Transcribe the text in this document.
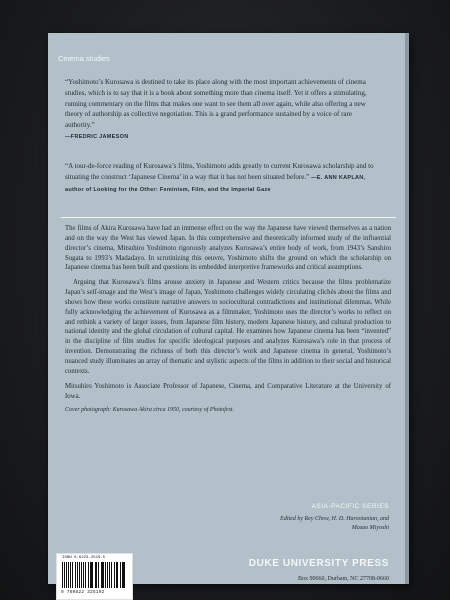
Cinema studies
“Yoshimoto’s Kurosawa is destined to take its place along with the most important achievements of cinema studies, which is to say that it is a book about something more than cinema itself. Yet it offers a stimulating, running commentary on the films that makes one want to see them all over again, while also offering a new theory of authorship as collective negotiation. This is a grand performance sustained by a voice of rare authority.”
—FREDRIC JAMESON
“A tour-de-force reading of Kurosawa’s films, Yoshimoto adds greatly to current Kurosawa scholarship and to situating the construct ‘Japanese Cinema’ in a way that it has not been situated before.” —E. ANN KAPLAN, author of Looking for the Other: Feminism, Film, and the Imperial Gaze

The films of Akira Kurosawa have had an immense effect on the way the Japanese have viewed themselves as a nation and on the way the West has viewed Japan. In this comprehensive and theoretically informed study of the influential director’s cinema, Mitsuhiro Yoshimoto rigorously analyzes Kurosawa’s entire body of work, from 1943’s Sanshiro Sugata to 1993’s Madadayo. In scrutinizing this oeuvre, Yoshimoto shifts the ground on which the scholarship on Japanese cinema has been built and questions its embedded interpretive frameworks and critical assumptions.

Arguing that Kurosawa’s films arouse anxiety in Japanese and Western critics because the films problematize Japan’s self-image and the West’s image of Japan, Yoshimoto challenges widely circulating clichés about the films and shows how these works constitute narrative answers to sociocultural contradictions and institutional dilemmas. While fully acknowledging the achievement of Kurosawa as a filmmaker, Yoshimoto uses the director’s works to reflect on and rethink a variety of larger issues, from Japanese film history, modern Japanese history, and cultural production to national identity and the global circulation of cultural capital. He examines how Japanese cinema has been “invented” in the discipline of film studies for specific ideological purposes and analyzes Kurosawa’s role in that process of invention. Demonstrating the richness of both this director’s work and Japanese cinema in general, Yoshimoto’s nuanced study illuminates an array of thematic and stylistic aspects of the films in addition to their social and historical contexts.

Mitsuhiro Yoshimoto is Associate Professor of Japanese, Cinema, and Comparative Literature at the University of Iowa.

Cover photograph: Kurosawa Akira circa 1950, courtesy of Photofest.

ASIA-PACIFIC SERIES
Edited by Rey Chow, H. D. Harootunian, and Masao Miyoshi
DUKE UNIVERSITY PRESS
Box 90660, Durham, NC 27708-0660
ISBN 0-8223-2519-5
9 780822 325192
